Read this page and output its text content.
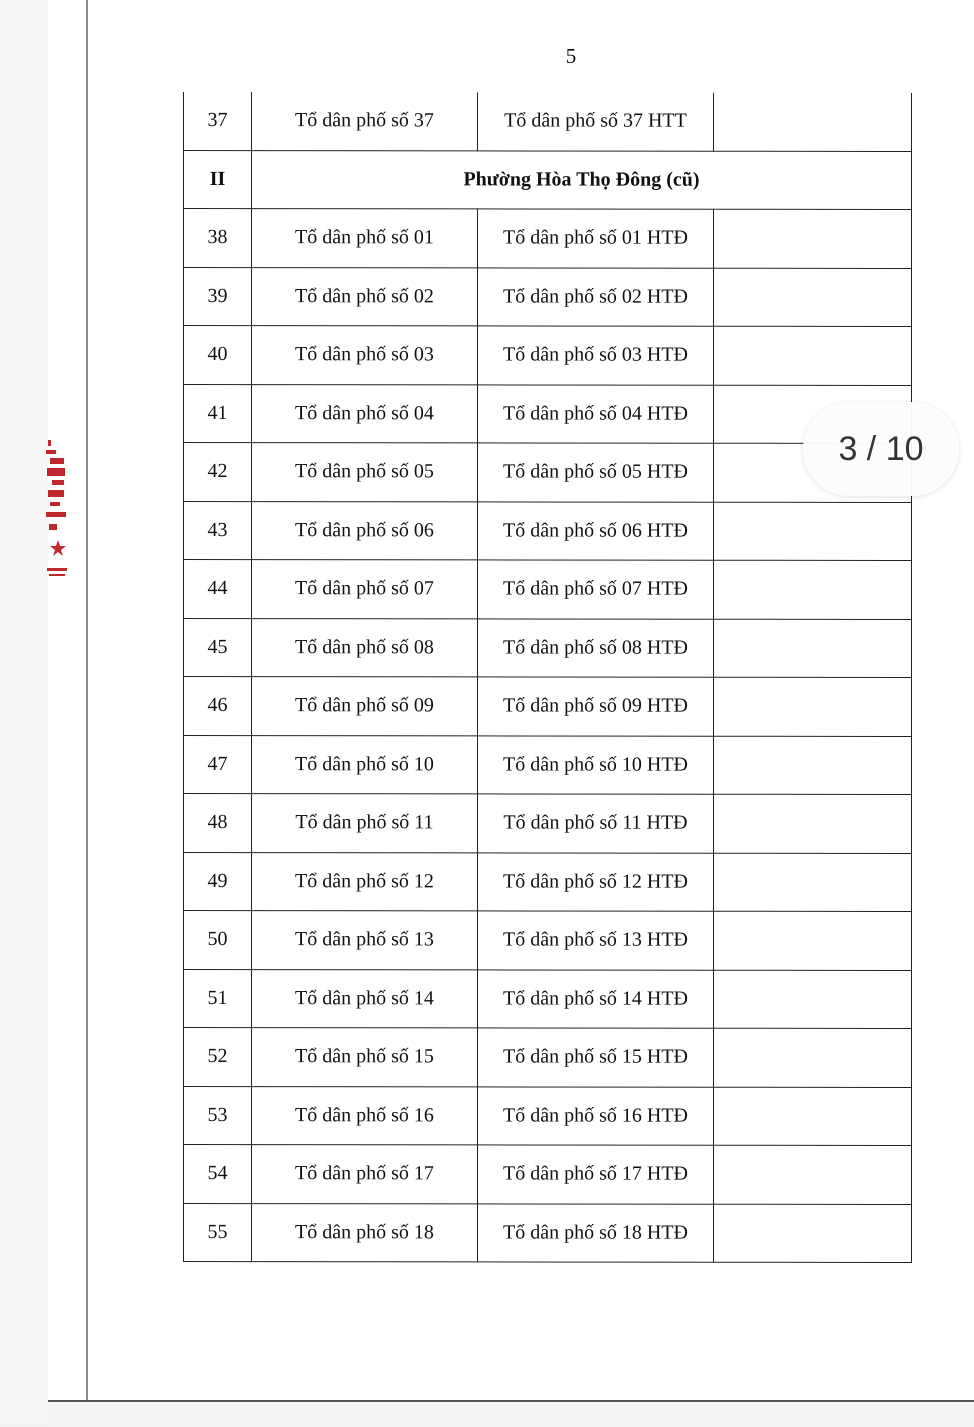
5
37	Tổ dân phố số 37	Tổ dân phố số 37 HTT	
II	Phường Hòa Thọ Đông (cũ)		
38	Tổ dân phố số 01	Tổ dân phố số 01 HTĐ	
39	Tổ dân phố số 02	Tổ dân phố số 02 HTĐ	
40	Tổ dân phố số 03	Tổ dân phố số 03 HTĐ	
41	Tổ dân phố số 04	Tổ dân phố số 04 HTĐ	
42	Tổ dân phố số 05	Tổ dân phố số 05 HTĐ	
43	Tổ dân phố số 06	Tổ dân phố số 06 HTĐ	
44	Tổ dân phố số 07	Tổ dân phố số 07 HTĐ	
45	Tổ dân phố số 08	Tổ dân phố số 08 HTĐ	
46	Tổ dân phố số 09	Tổ dân phố số 09 HTĐ	
47	Tổ dân phố số 10	Tổ dân phố số 10 HTĐ	
48	Tổ dân phố số 11	Tổ dân phố số 11 HTĐ	
49	Tổ dân phố số 12	Tổ dân phố số 12 HTĐ	
50	Tổ dân phố số 13	Tổ dân phố số 13 HTĐ	
51	Tổ dân phố số 14	Tổ dân phố số 14 HTĐ	
52	Tổ dân phố số 15	Tổ dân phố số 15 HTĐ	
53	Tổ dân phố số 16	Tổ dân phố số 16 HTĐ	
54	Tổ dân phố số 17	Tổ dân phố số 17 HTĐ	
55	Tổ dân phố số 18	Tổ dân phố số 18 HTĐ	
3 / 10
